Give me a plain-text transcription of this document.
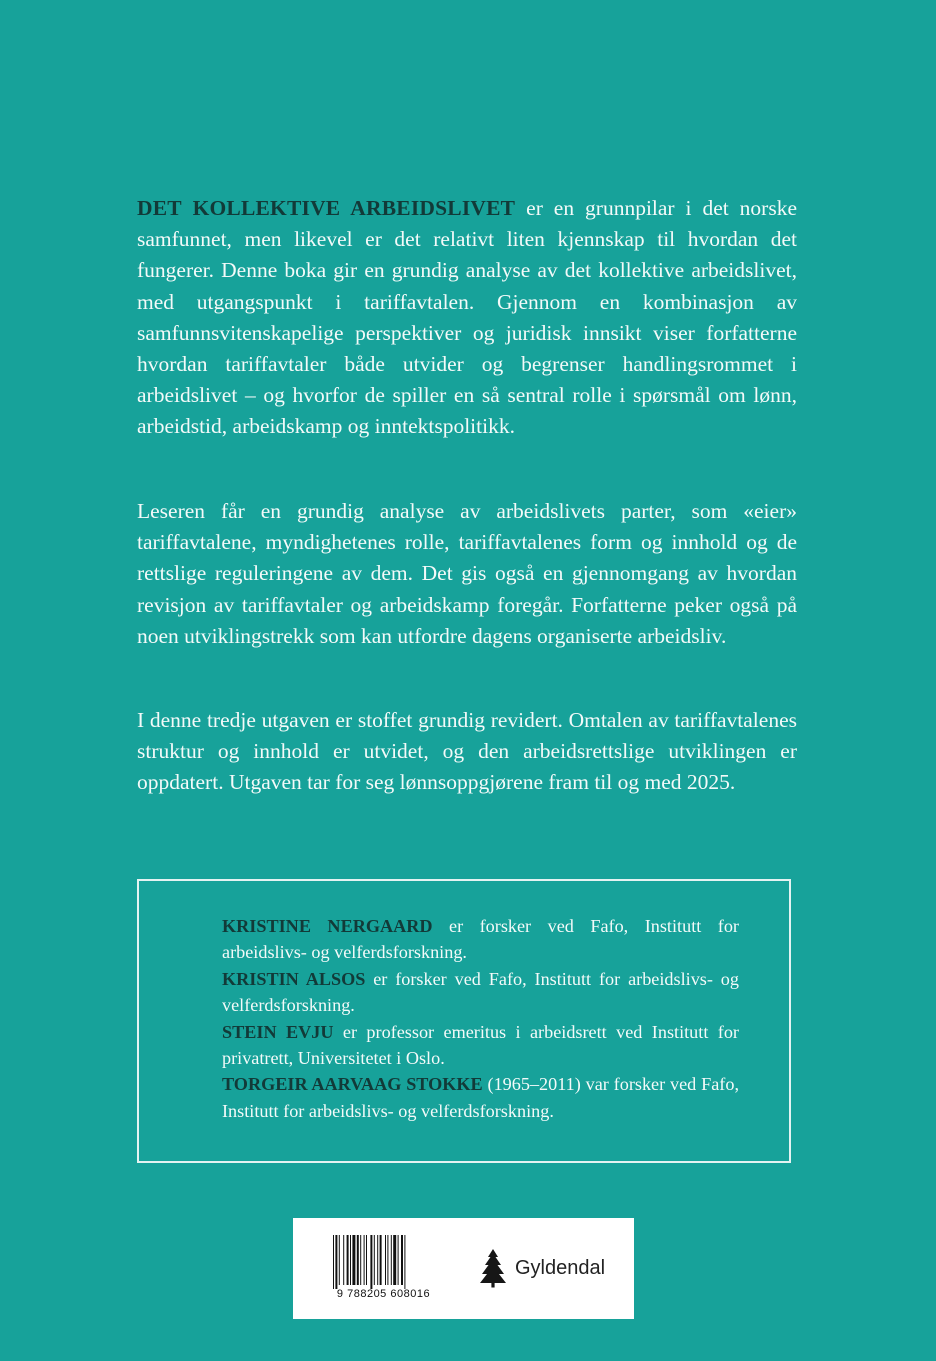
DET KOLLEKTIVE ARBEIDSLIVET er en grunnpilar i det norske samfunnet, men likevel er det relativt liten kjennskap til hvordan det fungerer. Denne boka gir en grundig analyse av det kollektive arbeidslivet, med utgangspunkt i tariffavtalen. Gjennom en kombinasjon av samfunnsvitenskapelige perspektiver og juridisk innsikt viser forfatterne hvordan tariffavtaler både utvider og begrenser handlingsrommet i arbeidslivet – og hvorfor de spiller en så sentral rolle i spørsmål om lønn, arbeidstid, arbeidskamp og inntektspolitikk.

Leseren får en grundig analyse av arbeidslivets parter, som «eier» tariffavtalene, myndighetenes rolle, tariffavtalenes form og innhold og de rettslige reguleringene av dem. Det gis også en gjennomgang av hvordan revisjon av tariffavtaler og arbeidskamp foregår. Forfatterne peker også på noen utviklingstrekk som kan utfordre dagens organiserte arbeidsliv.

I denne tredje utgaven er stoffet grundig revidert. Omtalen av tariffavtalenes struktur og innhold er utvidet, og den arbeidsrettslige utviklingen er oppdatert. Utgaven tar for seg lønnsoppgjørene fram til og med 2025.

KRISTINE NERGAARD er forsker ved Fafo, Institutt for arbeidslivs- og velferdsforskning.

KRISTIN ALSOS er forsker ved Fafo, Institutt for arbeidslivs- og velferdsforskning.

STEIN EVJU er professor emeritus i arbeidsrett ved Institutt for privatrett, Universitetet i Oslo.

TORGEIR AARVAAG STOKKE (1965–2011) var forsker ved Fafo, Institutt for arbeidslivs- og velferdsforskning.

9 788205 608016
Gyldendal
